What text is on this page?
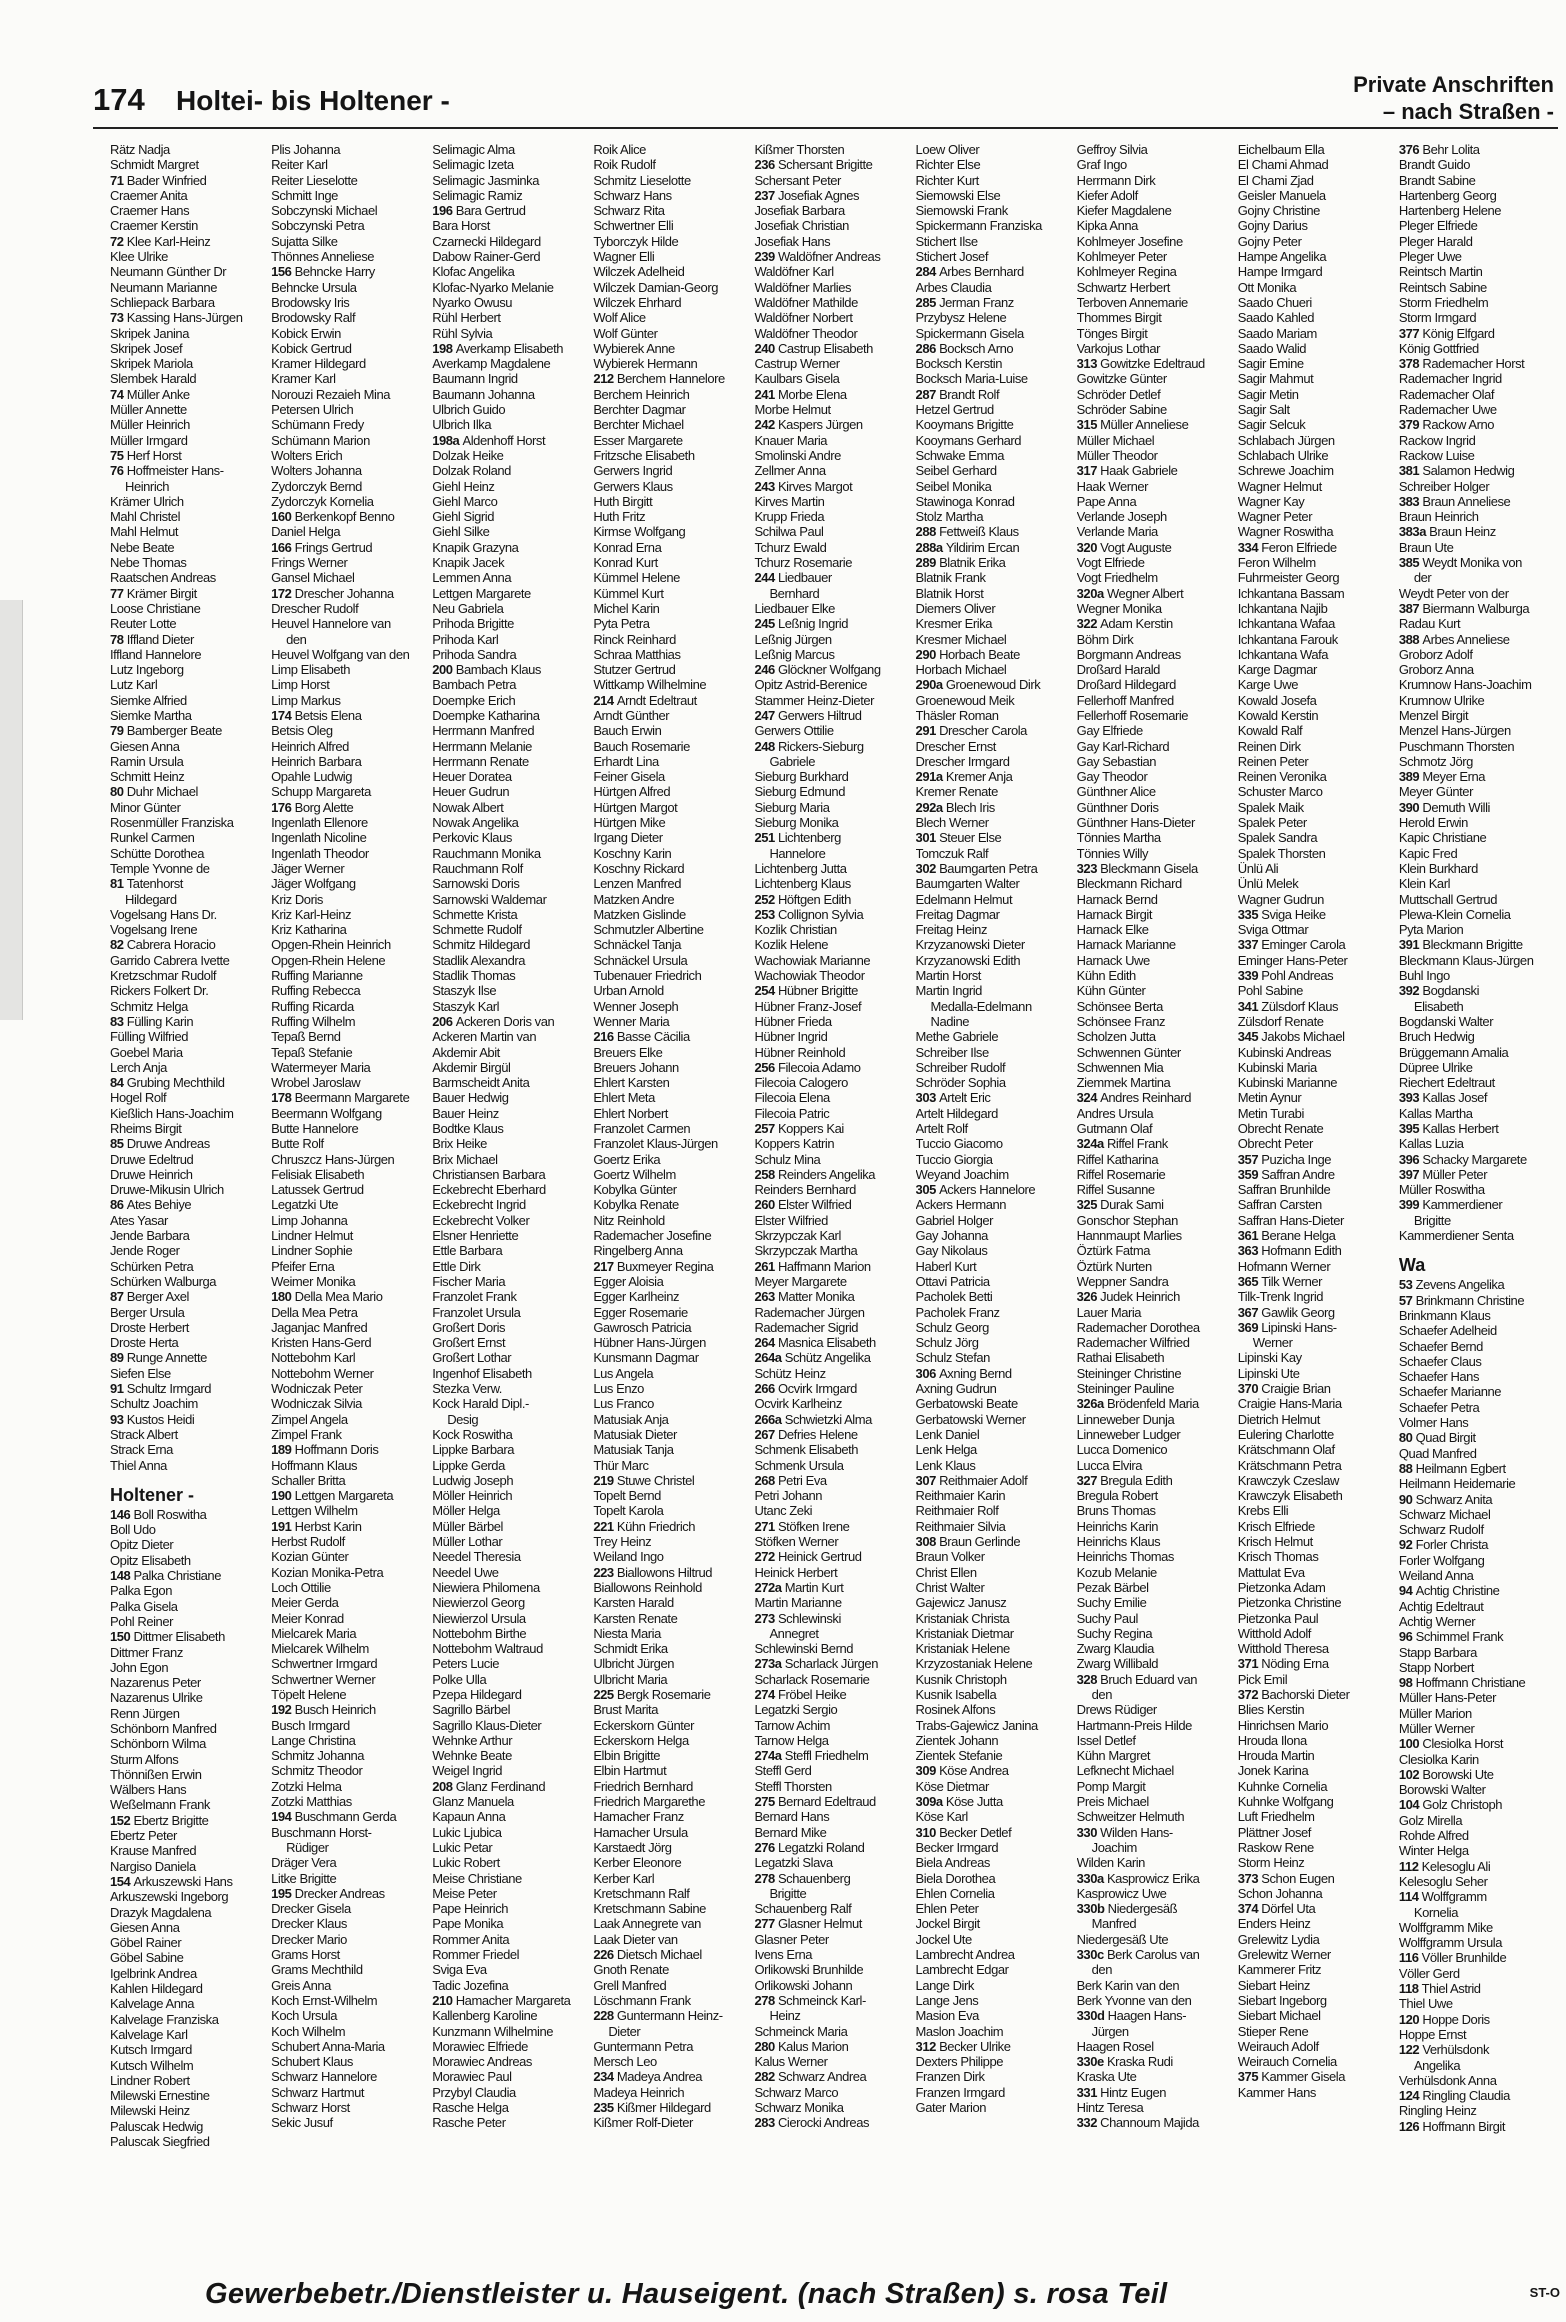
174 Holtei- bis Holtener -
Private Anschriften
– nach Straßen -
Rätz Nadja
Schmidt Margret
71 Bader Winfried
Craemer Anita
Craemer Hans
Craemer Kerstin
72 Klee Karl-Heinz
Klee Ulrike
Neumann Günther Dr
Neumann Marianne
Schliepack Barbara
73 Kassing Hans-Jürgen
Skripek Janina
Skripek Josef
Skripek Mariola
Slembek Harald
74 Müller Anke
Müller Annette
Müller Heinrich
Müller Irmgard
75 Herf Horst
76 Hoffmeister Hans-
Heinrich
Krämer Ulrich
Mahl Christel
Mahl Helmut
Nebe Beate
Nebe Thomas
Raatschen Andreas
77 Krämer Birgit
Loose Christiane
Reuter Lotte
78 Iffland Dieter
Iffland Hannelore
Lutz Ingeborg
Lutz Karl
Siemke Alfried
Siemke Martha
79 Bamberger Beate
Giesen Anna
Ramin Ursula
Schmitt Heinz
80 Duhr Michael
Minor Günter
Rosenmüller Franziska
Runkel Carmen
Schütte Dorothea
Temple Yvonne de
81 Tatenhorst
Hildegard
Vogelsang Hans Dr.
Vogelsang Irene
82 Cabrera Horacio
Garrido Cabrera Ivette
Kretzschmar Rudolf
Rickers Folkert Dr.
Schmitz Helga
83 Fülling Karin
Fülling Wilfried
Goebel Maria
Lerch Anja
84 Grubing Mechthild
Hogel Rolf
Kießlich Hans-Joachim
Rheims Birgit
85 Druwe Andreas
Druwe Edeltrud
Druwe Heinrich
Druwe-Mikusin Ulrich
86 Ates Behiye
Ates Yasar
Jende Barbara
Jende Roger
Schürken Petra
Schürken Walburga
87 Berger Axel
Berger Ursula
Droste Herbert
Droste Herta
89 Runge Annette
Siefen Else
91 Schultz Irmgard
Schultz Joachim
93 Kustos Heidi
Strack Albert
Strack Erna
Thiel Anna
Holtener -
146 Boll Roswitha
Boll Udo
Opitz Dieter
Opitz Elisabeth
148 Palka Christiane
Palka Egon
Palka Gisela
Pohl Reiner
150 Dittmer Elisabeth
Dittmer Franz
John Egon
Nazarenus Peter
Nazarenus Ulrike
Renn Jürgen
Schönborn Manfred
Schönborn Wilma
Sturm Alfons
Thönnißen Erwin
Wälbers Hans
Weßelmann Frank
152 Ebertz Brigitte
Ebertz Peter
Krause Manfred
Nargiso Daniela
154 Arkuszewski Hans
Arkuszewski Ingeborg
Drazyk Magdalena
Giesen Anna
Göbel Rainer
Göbel Sabine
Igelbrink Andrea
Kahlen Hildegard
Kalvelage Anna
Kalvelage Franziska
Kalvelage Karl
Kutsch Irmgard
Kutsch Wilhelm
Lindner Robert
Milewski Ernestine
Milewski Heinz
Paluscak Hedwig
Paluscak Siegfried
Plis Johanna
Reiter Karl
Reiter Lieselotte
Schmitt Inge
Sobczynski Michael
Sobczynski Petra
Sujatta Silke
Thönnes Anneliese
156 Behncke Harry
Behncke Ursula
Brodowsky Iris
Brodowsky Ralf
Kobick Erwin
Kobick Gertrud
Kramer Hildegard
Kramer Karl
Norouzi Rezaieh Mina
Petersen Ulrich
Schümann Fredy
Schümann Marion
Wolters Erich
Wolters Johanna
Zydorczyk Bernd
Zydorczyk Kornelia
160 Berkenkopf Benno
Daniel Helga
166 Frings Gertrud
Frings Werner
Gansel Michael
172 Drescher Johanna
Drescher Rudolf
Heuvel Hannelore van
den
Heuvel Wolfgang van den
Limp Elisabeth
Limp Horst
Limp Markus
174 Betsis Elena
Betsis Oleg
Heinrich Alfred
Heinrich Barbara
Opahle Ludwig
Schupp Margareta
176 Borg Alette
Ingenlath Ellenore
Ingenlath Nicoline
Ingenlath Theodor
Jäger Werner
Jäger Wolfgang
Kriz Doris
Kriz Karl-Heinz
Kriz Katharina
Opgen-Rhein Heinrich
Opgen-Rhein Helene
Ruffing Marianne
Ruffing Rebecca
Ruffing Ricarda
Ruffing Wilhelm
Tepaß Bernd
Tepaß Stefanie
Watermeyer Maria
Wrobel Jaroslaw
178 Beermann Margarete
Beermann Wolfgang
Butte Hannelore
Butte Rolf
Chruszcz Hans-Jürgen
Felisiak Elisabeth
Latussek Gertrud
Legatzki Ute
Limp Johanna
Lindner Helmut
Lindner Sophie
Pfeifer Erna
Weimer Monika
180 Della Mea Mario
Della Mea Petra
Jaganjac Manfred
Kristen Hans-Gerd
Nottebohm Karl
Nottebohm Werner
Wodniczak Peter
Wodniczak Silvia
Zimpel Angela
Zimpel Frank
189 Hoffmann Doris
Hoffmann Klaus
Schaller Britta
190 Lettgen Margareta
Lettgen Wilhelm
191 Herbst Karin
Herbst Rudolf
Kozian Günter
Kozian Monika-Petra
Loch Ottilie
Meier Gerda
Meier Konrad
Mielcarek Maria
Mielcarek Wilhelm
Schwertner Irmgard
Schwertner Werner
Töpelt Helene
192 Busch Heinrich
Busch Irmgard
Lange Christina
Schmitz Johanna
Schmitz Theodor
Zotzki Helma
Zotzki Matthias
194 Buschmann Gerda
Buschmann Horst-
Rüdiger
Dräger Vera
Litke Brigitte
195 Drecker Andreas
Drecker Gisela
Drecker Klaus
Drecker Mario
Grams Horst
Grams Mechthild
Greis Anna
Koch Ernst-Wilhelm
Koch Ursula
Koch Wilhelm
Schubert Anna-Maria
Schubert Klaus
Schwarz Hannelore
Schwarz Hartmut
Schwarz Horst
Sekic Jusuf
Selimagic Alma
Selimagic Izeta
Selimagic Jasminka
Selimagic Ramiz
196 Bara Gertrud
Bara Horst
Czarnecki Hildegard
Dabow Rainer-Gerd
Klofac Angelika
Klofac-Nyarko Melanie
Nyarko Owusu
Rühl Herbert
Rühl Sylvia
198 Averkamp Elisabeth
Averkamp Magdalene
Baumann Ingrid
Baumann Johanna
Ulbrich Guido
Ulbrich Ilka
198a Aldenhoff Horst
Dolzak Heike
Dolzak Roland
Giehl Heinz
Giehl Marco
Giehl Sigrid
Giehl Silke
Knapik Grazyna
Knapik Jacek
Lemmen Anna
Lettgen Margarete
Neu Gabriela
Prihoda Brigitte
Prihoda Karl
Prihoda Sandra
200 Bambach Klaus
Bambach Petra
Doempke Erich
Doempke Katharina
Herrmann Manfred
Herrmann Melanie
Herrmann Renate
Heuer Doratea
Heuer Gudrun
Nowak Albert
Nowak Angelika
Perkovic Klaus
Rauchmann Monika
Rauchmann Rolf
Sarnowski Doris
Sarnowski Waldemar
Schmette Krista
Schmette Rudolf
Schmitz Hildegard
Stadlik Alexandra
Stadlik Thomas
Staszyk Ilse
Staszyk Karl
206 Ackeren Doris van
Ackeren Martin van
Akdemir Abit
Akdemir Birgül
Barmscheidt Anita
Bauer Hedwig
Bauer Heinz
Bodtke Klaus
Brix Heike
Brix Michael
Christiansen Barbara
Eckebrecht Eberhard
Eckebrecht Ingrid
Eckebrecht Volker
Elsner Henriette
Ettle Barbara
Ettle Dirk
Fischer Maria
Franzolet Frank
Franzolet Ursula
Großert Doris
Großert Ernst
Großert Lothar
Ingenhof Elisabeth
Stezka Verw.
Kock Harald Dipl.-
Desig
Kock Roswitha
Lippke Barbara
Lippke Gerda
Ludwig Joseph
Möller Heinrich
Möller Helga
Müller Bärbel
Müller Lothar
Needel Theresia
Needel Uwe
Niewiera Philomena
Niewierzol Georg
Niewierzol Ursula
Nottebohm Birthe
Nottebohm Waltraud
Peters Lucie
Polke Ulla
Pzepa Hildegard
Sagrillo Bärbel
Sagrillo Klaus-Dieter
Wehnke Arthur
Wehnke Beate
Weigel Ingrid
208 Glanz Ferdinand
Glanz Manuela
Kapaun Anna
Lukic Ljubica
Lukic Petar
Lukic Robert
Meise Christiane
Meise Peter
Pape Heinrich
Pape Monika
Rommer Anita
Rommer Friedel
Sviga Eva
Tadic Jozefina
210 Hamacher Margareta
Kallenberg Karoline
Kunzmann Wilhelmine
Morawiec Elfriede
Morawiec Andreas
Morawiec Paul
Przybyl Claudia
Rasche Helga
Rasche Peter
Roik Alice
Roik Rudolf
Schmitz Lieselotte
Schwarz Hans
Schwarz Rita
Schwertner Elli
Tyborczyk Hilde
Wagner Elli
Wilczek Adelheid
Wilczek Damian-Georg
Wilczek Ehrhard
Wolf Alice
Wolf Günter
Wybierek Anne
Wybierek Hermann
212 Berchem Hannelore
Berchem Heinrich
Berchter Dagmar
Berchter Michael
Esser Margarete
Fritzsche Elisabeth
Gerwers Ingrid
Gerwers Klaus
Huth Birgitt
Huth Fritz
Kirmse Wolfgang
Konrad Erna
Konrad Kurt
Kümmel Helene
Kümmel Kurt
Michel Karin
Pyta Petra
Rinck Reinhard
Schraa Matthias
Stutzer Gertrud
Wittkamp Wilhelmine
214 Arndt Edeltraut
Arndt Günther
Bauch Erwin
Bauch Rosemarie
Erhardt Lina
Feiner Gisela
Hürtgen Alfred
Hürtgen Margot
Hürtgen Mike
Irgang Dieter
Koschny Karin
Koschny Rickard
Lenzen Manfred
Matzken Andre
Matzken Gislinde
Schmutzler Albertine
Schnäckel Tanja
Schnäckel Ursula
Tubenauer Friedrich
Urban Arnold
Wenner Joseph
Wenner Maria
216 Basse Cäcilia
Breuers Elke
Breuers Johann
Ehlert Karsten
Ehlert Meta
Ehlert Norbert
Franzolet Carmen
Franzolet Klaus-Jürgen
Goertz Erika
Goertz Wilhelm
Kobylka Günter
Kobylka Renate
Nitz Reinhold
Rademacher Josefine
Ringelberg Anna
217 Buxmeyer Regina
Egger Aloisia
Egger Karlheinz
Egger Rosemarie
Gawrosch Patricia
Hübner Hans-Jürgen
Kunsmann Dagmar
Lus Angela
Lus Enzo
Lus Franco
Matusiak Anja
Matusiak Dieter
Matusiak Tanja
Thür Marc
219 Stuwe Christel
Topelt Bernd
Topelt Karola
221 Kühn Friedrich
Trey Heinz
Weiland Ingo
223 Biallowons Hiltrud
Biallowons Reinhold
Karsten Harald
Karsten Renate
Niesta Maria
Schmidt Erika
Ulbricht Jürgen
Ulbricht Maria
225 Bergk Rosemarie
Brust Marita
Eckerskorn Günter
Eckerskorn Helga
Elbin Brigitte
Elbin Hartmut
Friedrich Bernhard
Friedrich Margarethe
Hamacher Franz
Hamacher Ursula
Karstaedt Jörg
Kerber Eleonore
Kerber Karl
Kretschmann Ralf
Kretschmann Sabine
Laak Annegrete van
Laak Dieter van
226 Dietsch Michael
Gnoth Renate
Grell Manfred
Löschmann Frank
228 Guntermann Heinz-
Dieter
Guntermann Petra
Mersch Leo
234 Madeya Andrea
Madeya Heinrich
235 Kißmer Hildegard
Kißmer Rolf-Dieter
Kißmer Thorsten
236 Schersant Brigitte
Schersant Peter
237 Josefiak Agnes
Josefiak Barbara
Josefiak Christian
Josefiak Hans
239 Waldöfner Andreas
Waldöfner Karl
Waldöfner Marlies
Waldöfner Mathilde
Waldöfner Norbert
Waldöfner Theodor
240 Castrup Elisabeth
Castrup Werner
Kaulbars Gisela
241 Morbe Elena
Morbe Helmut
242 Kaspers Jürgen
Knauer Maria
Smolinski Andre
Zellmer Anna
243 Kirves Margot
Kirves Martin
Krupp Frieda
Schilwa Paul
Tchurz Ewald
Tchurz Rosemarie
244 Liedbauer
Bernhard
Liedbauer Elke
245 Leßnig Ingrid
Leßnig Jürgen
Leßnig Marcus
246 Glöckner Wolfgang
Opitz Astrid-Berenice
Stammer Heinz-Dieter
247 Gerwers Hiltrud
Gerwers Ottilie
248 Rickers-Sieburg
Gabriele
Sieburg Burkhard
Sieburg Edmund
Sieburg Maria
Sieburg Monika
251 Lichtenberg
Hannelore
Lichtenberg Jutta
Lichtenberg Klaus
252 Höftgen Edith
253 Collignon Sylvia
Kozlik Christian
Kozlik Helene
Wachowiak Marianne
Wachowiak Theodor
254 Hübner Brigitte
Hübner Franz-Josef
Hübner Frieda
Hübner Ingrid
Hübner Reinhold
256 Filecoia Adamo
Filecoia Calogero
Filecoia Elena
Filecoia Patric
257 Koppers Kai
Koppers Katrin
Schulz Mina
258 Reinders Angelika
Reinders Bernhard
260 Elster Wilfried
Elster Wilfried
Skrzypczak Karl
Skrzypczak Martha
261 Haffmann Marion
Meyer Margarete
263 Matter Monika
Rademacher Jürgen
Rademacher Sigrid
264 Masnica Elisabeth
264a Schütz Angelika
Schütz Heinz
266 Ocvirk Irmgard
Ocvirk Karlheinz
266a Schwietzki Alma
267 Defries Helene
Schmenk Elisabeth
Schmenk Ursula
268 Petri Eva
Petri Johann
Utanc Zeki
271 Stöfken Irene
Stöfken Werner
272 Heinick Gertrud
Heinick Herbert
272a Martin Kurt
Martin Marianne
273 Schlewinski
Annegret
Schlewinski Bernd
273a Scharlack Jürgen
Scharlack Rosemarie
274 Fröbel Heike
Legatzki Sergio
Tarnow Achim
Tarnow Helga
274a Steffl Friedhelm
Steffl Gerd
Steffl Thorsten
275 Bernard Edeltraud
Bernard Hans
Bernard Mike
276 Legatzki Roland
Legatzki Slava
278 Schauenberg
Brigitte
Schauenberg Ralf
277 Glasner Helmut
Glasner Peter
Ivens Erna
Orlikowski Brunhilde
Orlikowski Johann
278 Schmeinck Karl-
Heinz
Schmeinck Maria
280 Kalus Marion
Kalus Werner
282 Schwarz Andrea
Schwarz Marco
Schwarz Monika
283 Cierocki Andreas
Loew Oliver
Richter Else
Richter Kurt
Siemowski Else
Siemowski Frank
Spickermann Franziska
Stichert Ilse
Stichert Josef
284 Arbes Bernhard
Arbes Claudia
285 Jerman Franz
Przybysz Helene
Spickermann Gisela
286 Bocksch Arno
Bocksch Kerstin
Bocksch Maria-Luise
287 Brandt Rolf
Hetzel Gertrud
Kooymans Brigitte
Kooymans Gerhard
Schwake Emma
Seibel Gerhard
Seibel Monika
Stawinoga Konrad
Stolz Martha
288 Fettweiß Klaus
288a Yildirim Ercan
289 Blatnik Erika
Blatnik Frank
Blatnik Horst
Diemers Oliver
Kresmer Erika
Kresmer Michael
290 Horbach Beate
Horbach Michael
290a Groenewoud Dirk
Groenewoud Meik
Thäsler Roman
291 Drescher Carola
Drescher Ernst
Drescher Irmgard
291a Kremer Anja
Kremer Renate
292a Blech Iris
Blech Werner
301 Steuer Else
Tomczuk Ralf
302 Baumgarten Petra
Baumgarten Walter
Edelmann Helmut
Freitag Dagmar
Freitag Heinz
Krzyzanowski Dieter
Krzyzanowski Edith
Martin Horst
Martin Ingrid
Medalla-Edelmann
Nadine
Methe Gabriele
Schreiber Ilse
Schreiber Rudolf
Schröder Sophia
303 Artelt Eric
Artelt Hildegard
Artelt Rolf
Tuccio Giacomo
Tuccio Giorgia
Weyand Joachim
305 Ackers Hannelore
Ackers Hermann
Gabriel Holger
Gay Johanna
Gay Nikolaus
Haberl Kurt
Ottavi Patricia
Pacholek Betti
Pacholek Franz
Schulz Georg
Schulz Jörg
Schulz Stefan
306 Axning Bernd
Axning Gudrun
Gerbatowski Beate
Gerbatowski Werner
Lenk Daniel
Lenk Helga
Lenk Klaus
307 Reithmaier Adolf
Reithmaier Karin
Reithmaier Rolf
Reithmaier Silvia
308 Braun Gerlinde
Braun Volker
Christ Ellen
Christ Walter
Gajewicz Janusz
Kristaniak Christa
Kristaniak Dietmar
Kristaniak Helene
Krzyzostaniak Helene
Kusnik Christoph
Kusnik Isabella
Rosinek Alfons
Trabs-Gajewicz Janina
Zientek Johann
Zientek Stefanie
309 Köse Andrea
Köse Dietmar
309a Köse Jutta
Köse Karl
310 Becker Detlef
Becker Irmgard
Biela Andreas
Biela Dorothea
Ehlen Cornelia
Ehlen Peter
Jockel Birgit
Jockel Ute
Lambrecht Andrea
Lambrecht Edgar
Lange Dirk
Lange Jens
Masion Eva
Maslon Joachim
312 Becker Ulrike
Dexters Philippe
Franzen Dirk
Franzen Irmgard
Gater Marion
Geffroy Silvia
Graf Ingo
Herrmann Dirk
Kiefer Adolf
Kiefer Magdalene
Kipka Anna
Kohlmeyer Josefine
Kohlmeyer Peter
Kohlmeyer Regina
Schwartz Herbert
Terboven Annemarie
Thommes Birgit
Tönges Birgit
Varkojus Lothar
313 Gowitzke Edeltraud
Gowitzke Günter
Schröder Detlef
Schröder Sabine
315 Müller Anneliese
Müller Michael
Müller Theodor
317 Haak Gabriele
Haak Werner
Pape Anna
Verlande Joseph
Verlande Maria
320 Vogt Auguste
Vogt Elfriede
Vogt Friedhelm
320a Wegner Albert
Wegner Monika
322 Adam Kerstin
Böhm Dirk
Borgmann Andreas
Droßard Harald
Droßard Hildegard
Fellerhoff Manfred
Fellerhoff Rosemarie
Gay Elfriede
Gay Karl-Richard
Gay Sebastian
Gay Theodor
Günthner Alice
Günthner Doris
Günthner Hans-Dieter
Tönnies Martha
Tönnies Willy
323 Bleckmann Gisela
Bleckmann Richard
Harnack Bernd
Harnack Birgit
Harnack Elke
Harnack Marianne
Harnack Uwe
Kühn Edith
Kühn Günter
Schönsee Berta
Schönsee Franz
Scholzen Jutta
Schwennen Günter
Schwennen Mia
Ziemmek Martina
324 Andres Reinhard
Andres Ursula
Gutmann Olaf
324a Riffel Frank
Riffel Katharina
Riffel Rosemarie
Riffel Susanne
325 Durak Sami
Gonschor Stephan
Hannmaupt Marlies
Öztürk Fatma
Öztürk Nurten
Weppner Sandra
326 Judek Heinrich
Lauer Maria
Rademacher Dorothea
Rademacher Wilfried
Rathai Elisabeth
Steininger Christine
Steininger Pauline
326a Brödenfeld Maria
Linneweber Dunja
Linneweber Ludger
Lucca Domenico
Lucca Elvira
327 Bregula Edith
Bregula Robert
Bruns Thomas
Heinrichs Karin
Heinrichs Klaus
Heinrichs Thomas
Kozub Melanie
Pezak Bärbel
Suchy Emilie
Suchy Paul
Suchy Regina
Zwarg Klaudia
Zwarg Willibald
328 Bruch Eduard van
den
Drews Rüdiger
Hartmann-Preis Hilde
Issel Detlef
Kühn Margret
Lefknecht Michael
Pomp Margit
Preis Michael
Schweitzer Helmuth
330 Wilden Hans-
Joachim
Wilden Karin
330a Kasprowicz Erika
Kasprowicz Uwe
330b Niedergesäß
Manfred
Niedergesäß Ute
330c Berk Carolus van
den
Berk Karin van den
Berk Yvonne van den
330d Haagen Hans-
Jürgen
Haagen Rosel
330e Kraska Rudi
Kraska Ute
331 Hintz Eugen
Hintz Teresa
332 Channoum Majida
Eichelbaum Ella
El Chami Ahmad
El Chami Zjad
Geisler Manuela
Gojny Christine
Gojny Darius
Gojny Peter
Hampe Angelika
Hampe Irmgard
Ott Monika
Saado Chueri
Saado Kahled
Saado Mariam
Saado Walid
Sagir Emine
Sagir Mahmut
Sagir Metin
Sagir Salt
Sagir Selcuk
Schlabach Jürgen
Schlabach Ulrike
Schrewe Joachim
Wagner Helmut
Wagner Kay
Wagner Peter
Wagner Roswitha
334 Feron Elfriede
Feron Wilhelm
Fuhrmeister Georg
Ichkantana Bassam
Ichkantana Najib
Ichkantana Wafaa
Ichkantana Farouk
Ichkantana Wafa
Karge Dagmar
Karge Uwe
Kowald Josefa
Kowald Kerstin
Kowald Ralf
Reinen Dirk
Reinen Peter
Reinen Veronika
Schuster Marco
Spalek Maik
Spalek Peter
Spalek Sandra
Spalek Thorsten
Ünlü Ali
Ünlü Melek
Wagner Gudrun
335 Sviga Heike
Sviga Ottmar
337 Eminger Carola
Eminger Hans-Peter
339 Pohl Andreas
Pohl Sabine
341 Zülsdorf Klaus
Zülsdorf Renate
345 Jakobs Michael
Kubinski Andreas
Kubinski Maria
Kubinski Marianne
Metin Aynur
Metin Turabi
Obrecht Renate
Obrecht Peter
357 Puzicha Inge
359 Saffran Andre
Saffran Brunhilde
Saffran Carsten
Saffran Hans-Dieter
361 Berane Helga
363 Hofmann Edith
Hofmann Werner
365 Tilk Werner
Tilk-Trenk Ingrid
367 Gawlik Georg
369 Lipinski Hans-
Werner
Lipinski Kay
Lipinski Ute
370 Craigie Brian
Craigie Hans-Maria
Dietrich Helmut
Eulering Charlotte
Krätschmann Olaf
Krätschmann Petra
Krawczyk Czeslaw
Krawczyk Elisabeth
Krebs Elli
Krisch Elfriede
Krisch Helmut
Krisch Thomas
Mattulat Eva
Pietzonka Adam
Pietzonka Christine
Pietzonka Paul
Witthold Adolf
Witthold Theresa
371 Nöding Erna
Pick Emil
372 Bachorski Dieter
Blies Kerstin
Hinrichsen Mario
Hrouda Ilona
Hrouda Martin
Jonek Karina
Kuhnke Cornelia
Kuhnke Wolfgang
Luft Friedhelm
Plättner Josef
Raskow Rene
Storm Heinz
373 Schon Eugen
Schon Johanna
374 Dörfel Uta
Enders Heinz
Grelewitz Lydia
Grelewitz Werner
Kammerer Fritz
Siebart Heinz
Siebart Ingeborg
Siebart Michael
Stieper Rene
Weirauch Adolf
Weirauch Cornelia
375 Kammer Gisela
Kammer Hans
376 Behr Lolita
Brandt Guido
Brandt Sabine
Hartenberg Georg
Hartenberg Helene
Pleger Elfriede
Pleger Harald
Pleger Uwe
Reintsch Martin
Reintsch Sabine
Storm Friedhelm
Storm Irmgard
377 König Elfgard
König Gottfried
378 Rademacher Horst
Rademacher Ingrid
Rademacher Olaf
Rademacher Uwe
379 Rackow Arno
Rackow Ingrid
Rackow Luise
381 Salamon Hedwig
Schreiber Holger
383 Braun Anneliese
Braun Heinrich
383a Braun Heinz
Braun Ute
385 Weydt Monika von
der
Weydt Peter von der
387 Biermann Walburga
Radau Kurt
388 Arbes Anneliese
Groborz Adolf
Groborz Anna
Krumnow Hans-Joachim
Krumnow Ulrike
Menzel Birgit
Menzel Hans-Jürgen
Puschmann Thorsten
Schmotz Jörg
389 Meyer Erna
Meyer Günter
390 Demuth Willi
Herold Erwin
Kapic Christiane
Kapic Fred
Klein Burkhard
Klein Karl
Muttschall Gertrud
Plewa-Klein Cornelia
Pyta Marion
391 Bleckmann Brigitte
Bleckmann Klaus-Jürgen
Buhl Ingo
392 Bogdanski
Elisabeth
Bogdanski Walter
Bruch Hedwig
Brüggemann Amalia
Düpree Ulrike
Riechert Edeltraut
393 Kallas Josef
Kallas Martha
395 Kallas Herbert
Kallas Luzia
396 Schacky Margarete
397 Müller Peter
Müller Roswitha
399 Kammerdiener
Brigitte
Kammerdiener Senta
Wa
53 Zevens Angelika
57 Brinkmann Christine
Brinkmann Klaus
Schaefer Adelheid
Schaefer Bernd
Schaefer Claus
Schaefer Hans
Schaefer Marianne
Schaefer Petra
Volmer Hans
80 Quad Birgit
Quad Manfred
88 Heilmann Egbert
Heilmann Heidemarie
90 Schwarz Anita
Schwarz Michael
Schwarz Rudolf
92 Forler Christa
Forler Wolfgang
Weiland Anna
94 Achtig Christine
Achtig Edeltraut
Achtig Werner
96 Schimmel Frank
Stapp Barbara
Stapp Norbert
98 Hoffmann Christiane
Müller Hans-Peter
Müller Marion
Müller Werner
100 Clesiolka Horst
Clesiolka Karin
102 Borowski Ute
Borowski Walter
104 Golz Christoph
Golz Mirella
Rohde Alfred
Winter Helga
112 Kelesoglu Ali
Kelesoglu Seher
114 Wolffgramm
Kornelia
Wolffgramm Mike
Wolffgramm Ursula
116 Völler Brunhilde
Völler Gerd
118 Thiel Astrid
Thiel Uwe
120 Hoppe Doris
Hoppe Ernst
122 Verhülsdonk
Angelika
Verhülsdonk Anna
124 Ringling Claudia
Ringling Heinz
126 Hoffmann Birgit
Gewerbebetr./Dienstleister u. Hauseigent. (nach Straßen) s. rosa Teil	ST-O
